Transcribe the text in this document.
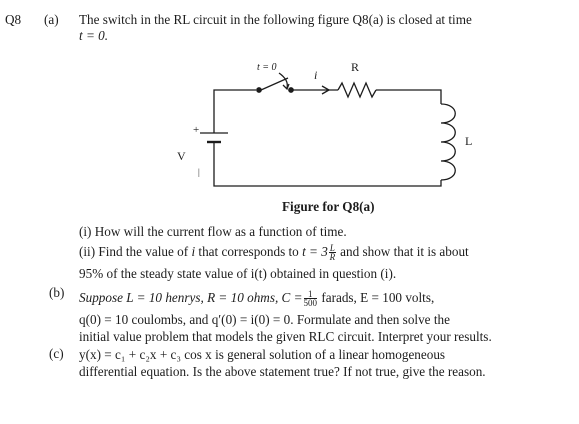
Q8 (a) The switch in the RL circuit in the following figure Q8(a) is closed at time
t = 0.
t = 0
i
R
L
V
+
|
Figure for Q8(a)
(i) How will the current flow as a function of time.
(ii) Find the value of i that corresponds to $t = 3 \frac{L}{R}$ and show that it is about
95% of the steady state value of i(t) obtained in question (i).
(b) Suppose L = 10 henrys, R = 10 ohms, $C = \frac{1}{500}$ farads, E = 100 volts,
q(0) = 10 coulombs, and q′(0) = i(0) = 0. Formulate and then solve the
initial value problem that models the given RLC circuit. Interpret your results.
(c) y(x) = c₁ + c₂x + c₃ cos x is general solution of a linear homogeneous
differential equation. Is the above statement true? If not true, give the reason.
